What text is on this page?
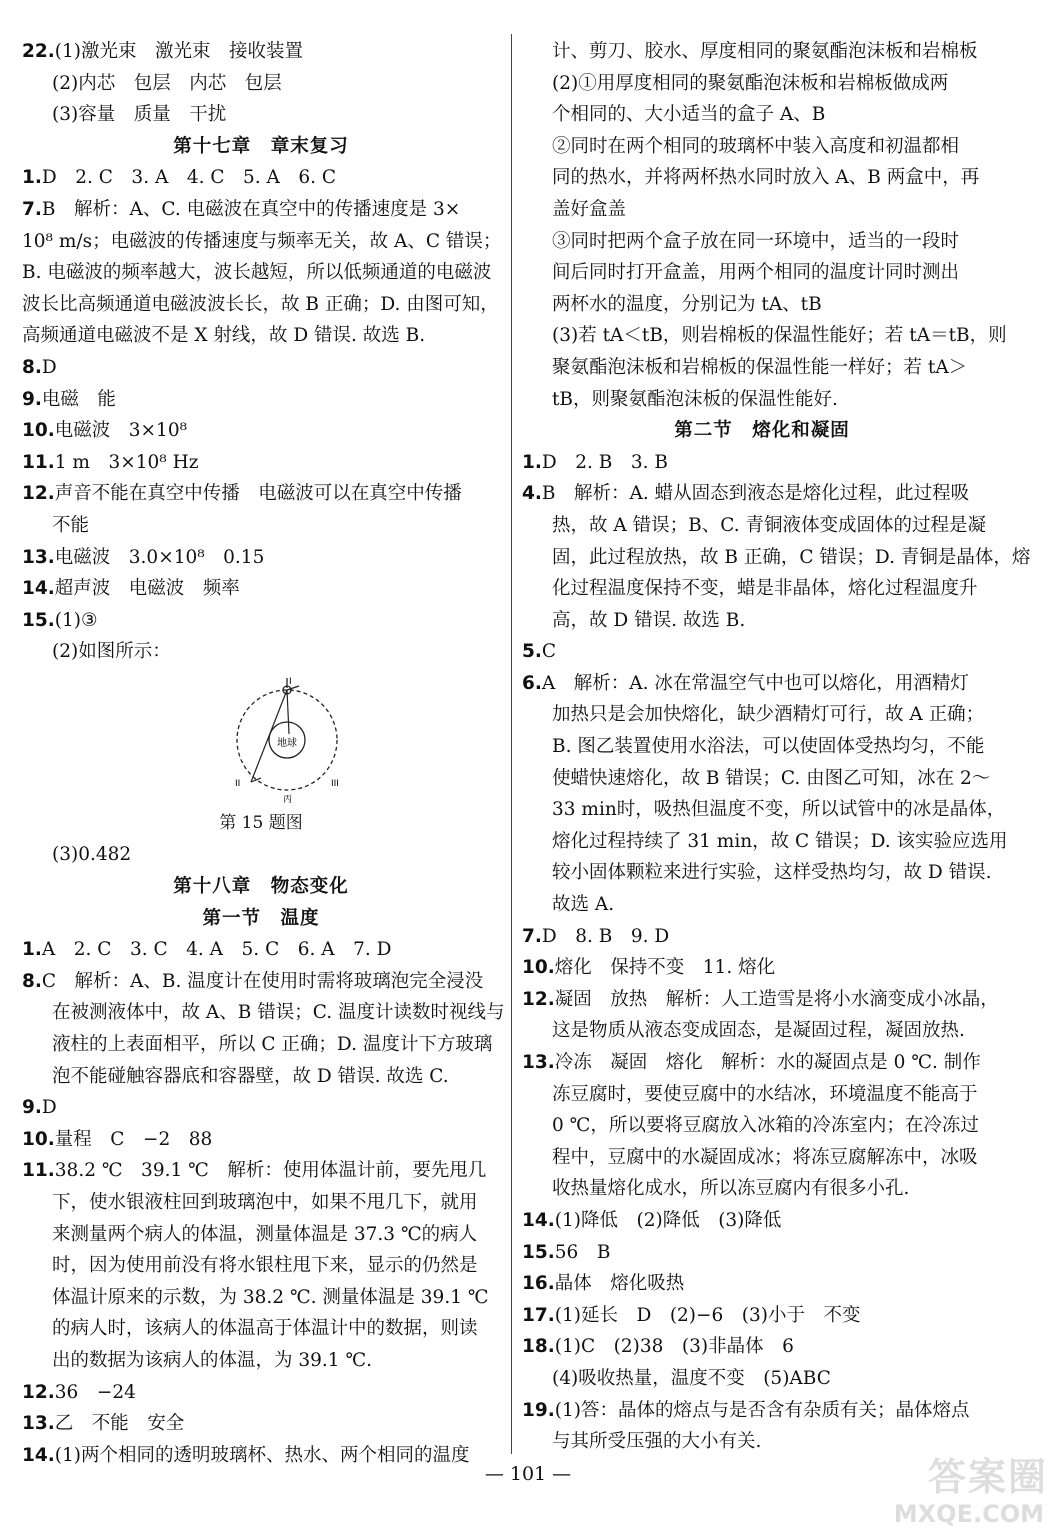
22.(1)激光束　激光束　接收装置
(2)内芯　包层　内芯　包层
(3)容量　质量　干扰
第十七章　章末复习
1.D　2. C　3. A　4. C　5. A　6. C
7.B　解析：A、C. 电磁波在真空中的传播速度是 3×
10⁸ m/s；电磁波的传播速度与频率无关，故 A、C 错误；
B. 电磁波的频率越大，波长越短，所以低频通道的电磁波
波长比高频通道电磁波波长长，故 B 正确；D. 由图可知，
高频通道电磁波不是 X 射线，故 D 错误. 故选 B.
8.D
9.电磁　能
10.电磁波　3×10⁸
11.1 m　3×10⁸ Hz
12.声音不能在真空中传播　电磁波可以在真空中传播
不能
13.电磁波　3.0×10⁸　0.15
14.超声波　电磁波　频率
15.(1)③
(2)如图所示：
地球
I
II	III
丙
第 15 题图
(3)0.482
第十八章　物态变化
第一节　温度
1.A　2. C　3. C　4. A　5. C　6. A　7. D
8.C　解析：A、B. 温度计在使用时需将玻璃泡完全浸没
在被测液体中，故 A、B 错误；C. 温度计读数时视线与
液柱的上表面相平，所以 C 正确；D. 温度计下方玻璃
泡不能碰触容器底和容器壁，故 D 错误. 故选 C.
9.D
10.量程　C　−2　88
11.38.2 ℃　39.1 ℃　解析：使用体温计前，要先甩几
下，使水银液柱回到玻璃泡中，如果不甩几下，就用
来测量两个病人的体温，测量体温是 37.3 ℃的病人
时，因为使用前没有将水银柱甩下来，显示的仍然是
体温计原来的示数，为 38.2 ℃. 测量体温是 39.1 ℃
的病人时，该病人的体温高于体温计中的数据，则读
出的数据为该病人的体温，为 39.1 ℃.
12.36　−24
13.乙　不能　安全
14.(1)两个相同的透明玻璃杯、热水、两个相同的温度
计、剪刀、胶水、厚度相同的聚氨酯泡沫板和岩棉板
(2)①用厚度相同的聚氨酯泡沫板和岩棉板做成两
个相同的、大小适当的盒子 A、B
②同时在两个相同的玻璃杯中装入高度和初温都相
同的热水，并将两杯热水同时放入 A、B 两盒中，再
盖好盒盖
③同时把两个盒子放在同一环境中，适当的一段时
间后同时打开盒盖，用两个相同的温度计同时测出
两杯水的温度，分别记为 tA、tB
(3)若 tA＜tB，则岩棉板的保温性能好；若 tA＝tB，则
聚氨酯泡沫板和岩棉板的保温性能一样好；若 tA＞
tB，则聚氨酯泡沫板的保温性能好.
第二节　熔化和凝固
1.D　2. B　3. B
4.B　解析：A. 蜡从固态到液态是熔化过程，此过程吸
热，故 A 错误；B、C. 青铜液体变成固体的过程是凝
固，此过程放热，故 B 正确，C 错误；D. 青铜是晶体，熔
化过程温度保持不变，蜡是非晶体，熔化过程温度升
高，故 D 错误. 故选 B.
5.C
6.A　解析：A. 冰在常温空气中也可以熔化，用酒精灯
加热只是会加快熔化，缺少酒精灯可行，故 A 正确；
B. 图乙装置使用水浴法，可以使固体受热均匀，不能
使蜡快速熔化，故 B 错误；C. 由图乙可知，冰在 2～
33 min时，吸热但温度不变，所以试管中的冰是晶体，
熔化过程持续了 31 min，故 C 错误；D. 该实验应选用
较小固体颗粒来进行实验，这样受热均匀，故 D 错误.
故选 A.
7.D　8. B　9. D
10.熔化　保持不变　11. 熔化
12.凝固　放热　解析：人工造雪是将小水滴变成小冰晶，
这是物质从液态变成固态，是凝固过程，凝固放热.
13.冷冻　凝固　熔化　解析：水的凝固点是 0 ℃. 制作
冻豆腐时，要使豆腐中的水结冰，环境温度不能高于
0 ℃，所以要将豆腐放入冰箱的冷冻室内；在冷冻过
程中，豆腐中的水凝固成冰；将冻豆腐解冻中，冰吸
收热量熔化成水，所以冻豆腐内有很多小孔.
14.(1)降低　(2)降低　(3)降低
15.56　B
16.晶体　熔化吸热
17.(1)延长　D　(2)−6　(3)小于　不变
18.(1)C　(2)38　(3)非晶体　6
(4)吸收热量，温度不变　(5)ABC
19.(1)答：晶体的熔点与是否含有杂质有关；晶体熔点
与其所受压强的大小有关.
— 101 —	答案圈
MXQE.COM
